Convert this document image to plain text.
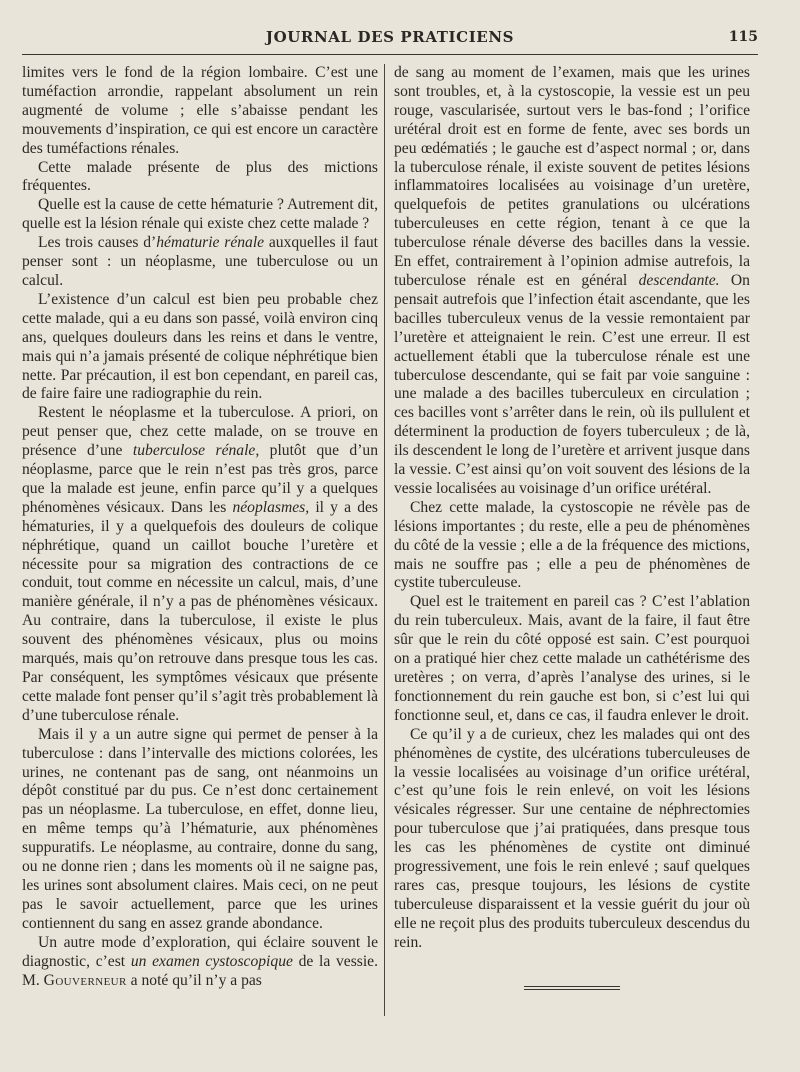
JOURNAL DES PRATICIENS	115

limites vers le fond de la région lombaire. C’est une tuméfaction arrondie, rappelant absolument un rein augmenté de volume ; elle s’abaisse pendant les mouvements d’inspiration, ce qui est encore un caractère des tuméfactions rénales.

Cette malade présente de plus des mictions fréquentes.

Quelle est la cause de cette hématurie ? Autrement dit, quelle est la lésion rénale qui existe chez cette malade ?

Les trois causes d’hématurie rénale auxquelles il faut penser sont : un néoplasme, une tuberculose ou un calcul.

L’existence d’un calcul est bien peu probable chez cette malade, qui a eu dans son passé, voilà environ cinq ans, quelques douleurs dans les reins et dans le ventre, mais qui n’a jamais présenté de colique néphrétique bien nette. Par précaution, il est bon cependant, en pareil cas, de faire faire une radiographie du rein.

Restent le néoplasme et la tuberculose. A priori, on peut penser que, chez cette malade, on se trouve en présence d’une tuberculose rénale, plutôt que d’un néoplasme, parce que le rein n’est pas très gros, parce que la malade est jeune, enfin parce qu’il y a quelques phénomènes vésicaux. Dans les néoplasmes, il y a des hématuries, il y a quelquefois des douleurs de colique néphrétique, quand un caillot bouche l’uretère et nécessite pour sa migration des contractions de ce conduit, tout comme en nécessite un calcul, mais, d’une manière générale, il n’y a pas de phénomènes vésicaux. Au contraire, dans la tuberculose, il existe le plus souvent des phénomènes vésicaux, plus ou moins marqués, mais qu’on retrouve dans presque tous les cas. Par conséquent, les symptômes vésicaux que présente cette malade font penser qu’il s’agit très probablement là d’une tuberculose rénale.

Mais il y a un autre signe qui permet de penser à la tuberculose : dans l’intervalle des mictions colorées, les urines, ne contenant pas de sang, ont néanmoins un dépôt constitué par du pus. Ce n’est donc certainement pas un néoplasme. La tuberculose, en effet, donne lieu, en même temps qu’à l’hématurie, aux phénomènes suppuratifs. Le néoplasme, au contraire, donne du sang, ou ne donne rien ; dans les moments où il ne saigne pas, les urines sont absolument claires. Mais ceci, on ne peut pas le savoir actuellement, parce que les urines contiennent du sang en assez grande abondance.

Un autre mode d’exploration, qui éclaire souvent le diagnostic, c’est un examen cystoscopique de la vessie. M. Gouverneur a noté qu’il n’y a pas

de sang au moment de l’examen, mais que les urines sont troubles, et, à la cystoscopie, la vessie est un peu rouge, vascularisée, surtout vers le bas-fond ; l’orifice urétéral droit est en forme de fente, avec ses bords un peu œdématiés ; le gauche est d’aspect normal ; or, dans la tuberculose rénale, il existe souvent de petites lésions inflammatoires localisées au voisinage d’un uretère, quelquefois de petites granulations ou ulcérations tuberculeuses en cette région, tenant à ce que la tuberculose rénale déverse des bacilles dans la vessie. En effet, contrairement à l’opinion admise autrefois, la tuberculose rénale est en général descendante. On pensait autrefois que l’infection était ascendante, que les bacilles tuberculeux venus de la vessie remontaient par l’uretère et atteignaient le rein. C’est une erreur. Il est actuellement établi que la tuberculose rénale est une tuberculose descendante, qui se fait par voie sanguine : une malade a des bacilles tuberculeux en circulation ; ces bacilles vont s’arrêter dans le rein, où ils pullulent et déterminent la production de foyers tuberculeux ; de là, ils descendent le long de l’uretère et arrivent jusque dans la vessie. C’est ainsi qu’on voit souvent des lésions de la vessie localisées au voisinage d’un orifice urétéral.

Chez cette malade, la cystoscopie ne révèle pas de lésions importantes ; du reste, elle a peu de phénomènes du côté de la vessie ; elle a de la fréquence des mictions, mais ne souffre pas ; elle a peu de phénomènes de cystite tuberculeuse.

Quel est le traitement en pareil cas ? C’est l’ablation du rein tuberculeux. Mais, avant de la faire, il faut être sûr que le rein du côté opposé est sain. C’est pourquoi on a pratiqué hier chez cette malade un cathétérisme des uretères ; on verra, d’après l’analyse des urines, si le fonctionnement du rein gauche est bon, si c’est lui qui fonctionne seul, et, dans ce cas, il faudra enlever le droit.

Ce qu’il y a de curieux, chez les malades qui ont des phénomènes de cystite, des ulcérations tuberculeuses de la vessie localisées au voisinage d’un orifice urétéral, c’est qu’une fois le rein enlevé, on voit les lésions vésicales régresser. Sur une centaine de néphrectomies pour tuberculose que j’ai pratiquées, dans presque tous les cas les phénomènes de cystite ont diminué progressivement, une fois le rein enlevé ; sauf quelques rares cas, presque toujours, les lésions de cystite tuberculeuse disparaissent et la vessie guérit du jour où elle ne reçoit plus des produits tuberculeux descendus du rein.
